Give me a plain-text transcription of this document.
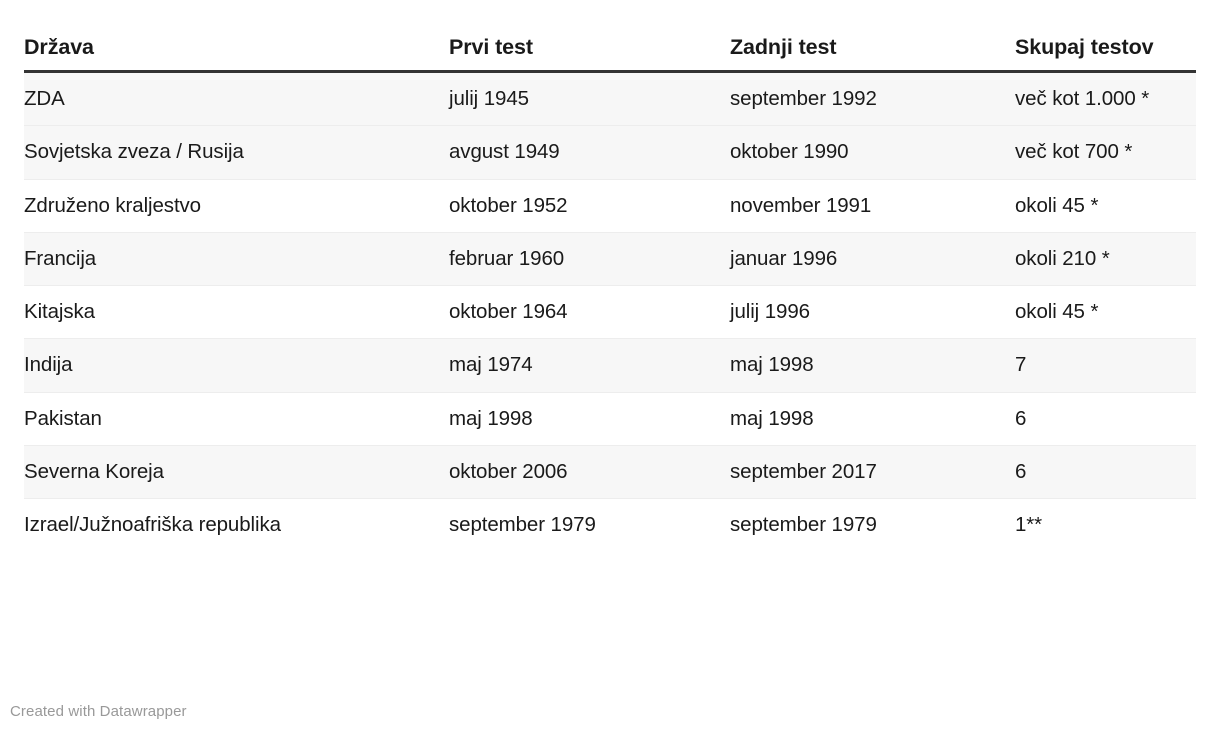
Država	Prvi test	Zadnji test	Skupaj testov
ZDA	julij 1945	september 1992	več kot 1.000 *
Sovjetska zveza / Rusija	avgust 1949	oktober 1990	več kot 700 *
Združeno kraljestvo	oktober 1952	november 1991	okoli 45 *
Francija	februar 1960	januar 1996	okoli 210 *
Kitajska	oktober 1964	julij 1996	okoli 45 *
Indija	maj 1974	maj 1998	7
Pakistan	maj 1998	maj 1998	6
Severna Koreja	oktober 2006	september 2017	6
Izrael/Južnoafriška republika	september 1979	september 1979	1**
Created with Datawrapper
